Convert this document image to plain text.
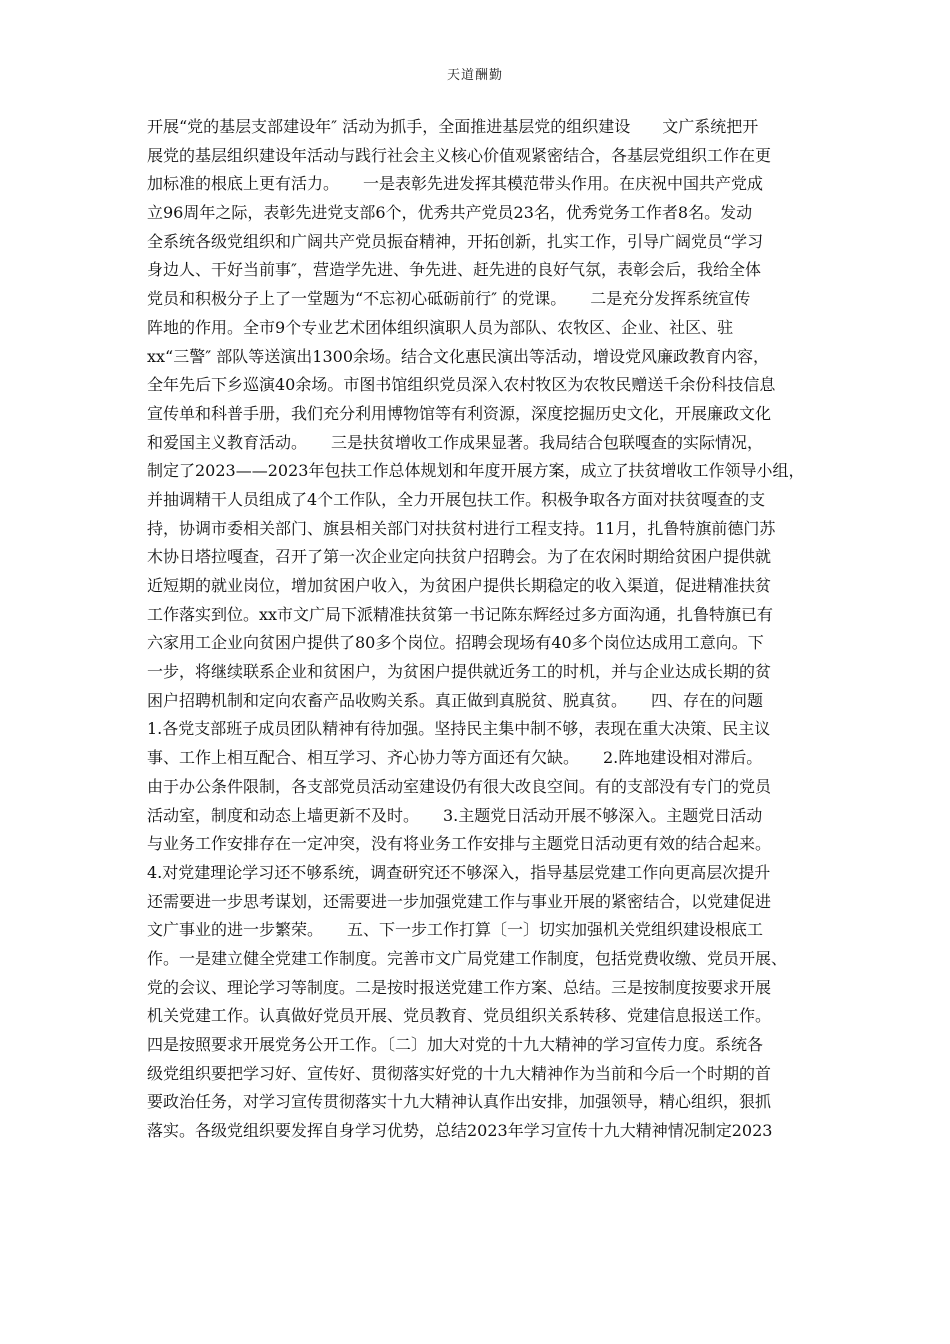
天道酬勤
开展“党的基层支部建设年″ 活动为抓手，全面推进基层党的组织建设　　文广系统把开
展党的基层组织建设年活动与践行社会主义核心价值观紧密结合，各基层党组织工作在更
加标准的根底上更有活力。　　一是表彰先进发挥其模范带头作用。在庆祝中国共产党成
立96周年之际，表彰先进党支部6个，优秀共产党员23名，优秀党务工作者8名。发动
全系统各级党组织和广阔共产党员振奋精神，开拓创新，扎实工作，引导广阔党员“学习
身边人、干好当前事″，营造学先进、争先进、赶先进的良好气氛，表彰会后，我给全体
党员和积极分子上了一堂题为“不忘初心砥砺前行″ 的党课。　　二是充分发挥系统宣传
阵地的作用。全市9个专业艺术团体组织演职人员为部队、农牧区、企业、社区、驻
xx“三警″ 部队等送演出1300余场。结合文化惠民演出等活动，增设党风廉政教育内容，
全年先后下乡巡演40余场。市图书馆组织党员深入农村牧区为农牧民赠送千余份科技信息
宣传单和科普手册，我们充分利用博物馆等有利资源，深度挖掘历史文化，开展廉政文化
和爱国主义教育活动。　　三是扶贫增收工作成果显著。我局结合包联嘎查的实际情况，
制定了2023——2023年包扶工作总体规划和年度开展方案，成立了扶贫增收工作领导小组，
并抽调精干人员组成了4个工作队，全力开展包扶工作。积极争取各方面对扶贫嘎查的支
持，协调市委相关部门、旗县相关部门对扶贫村进行工程支持。11月，扎鲁特旗前德门苏
木协日塔拉嘎查，召开了第一次企业定向扶贫户招聘会。为了在农闲时期给贫困户提供就
近短期的就业岗位，增加贫困户收入，为贫困户提供长期稳定的收入渠道，促进精准扶贫
工作落实到位。xx市文广局下派精准扶贫第一书记陈东辉经过多方面沟通，扎鲁特旗已有
六家用工企业向贫困户提供了80多个岗位。招聘会现场有40多个岗位达成用工意向。下
一步，将继续联系企业和贫困户，为贫困户提供就近务工的时机，并与企业达成长期的贫
困户招聘机制和定向农畜产品收购关系。真正做到真脱贫、脱真贫。　　四、存在的问题
1.各党支部班子成员团队精神有待加强。坚持民主集中制不够，表现在重大决策、民主议
事、工作上相互配合、相互学习、齐心协力等方面还有欠缺。　　2.阵地建设相对滞后。
由于办公条件限制，各支部党员活动室建设仍有很大改良空间。有的支部没有专门的党员
活动室，制度和动态上墙更新不及时。　　3.主题党日活动开展不够深入。主题党日活动
与业务工作安排存在一定冲突，没有将业务工作安排与主题党日活动更有效的结合起来。
4.对党建理论学习还不够系统，调查研究还不够深入，指导基层党建工作向更高层次提升
还需要进一步思考谋划，还需要进一步加强党建工作与事业开展的紧密结合，以党建促进
文广事业的进一步繁荣。　　五、下一步工作打算〔一〕切实加强机关党组织建设根底工
作。一是建立健全党建工作制度。完善市文广局党建工作制度，包括党费收缴、党员开展、
党的会议、理论学习等制度。二是按时报送党建工作方案、总结。三是按制度按要求开展
机关党建工作。认真做好党员开展、党员教育、党员组织关系转移、党建信息报送工作。
四是按照要求开展党务公开工作。〔二〕加大对党的十九大精神的学习宣传力度。系统各
级党组织要把学习好、宣传好、贯彻落实好党的十九大精神作为当前和今后一个时期的首
要政治任务，对学习宣传贯彻落实十九大精神认真作出安排，加强领导，精心组织，狠抓
落实。各级党组织要发挥自身学习优势，总结2023年学习宣传十九大精神情况制定2023
